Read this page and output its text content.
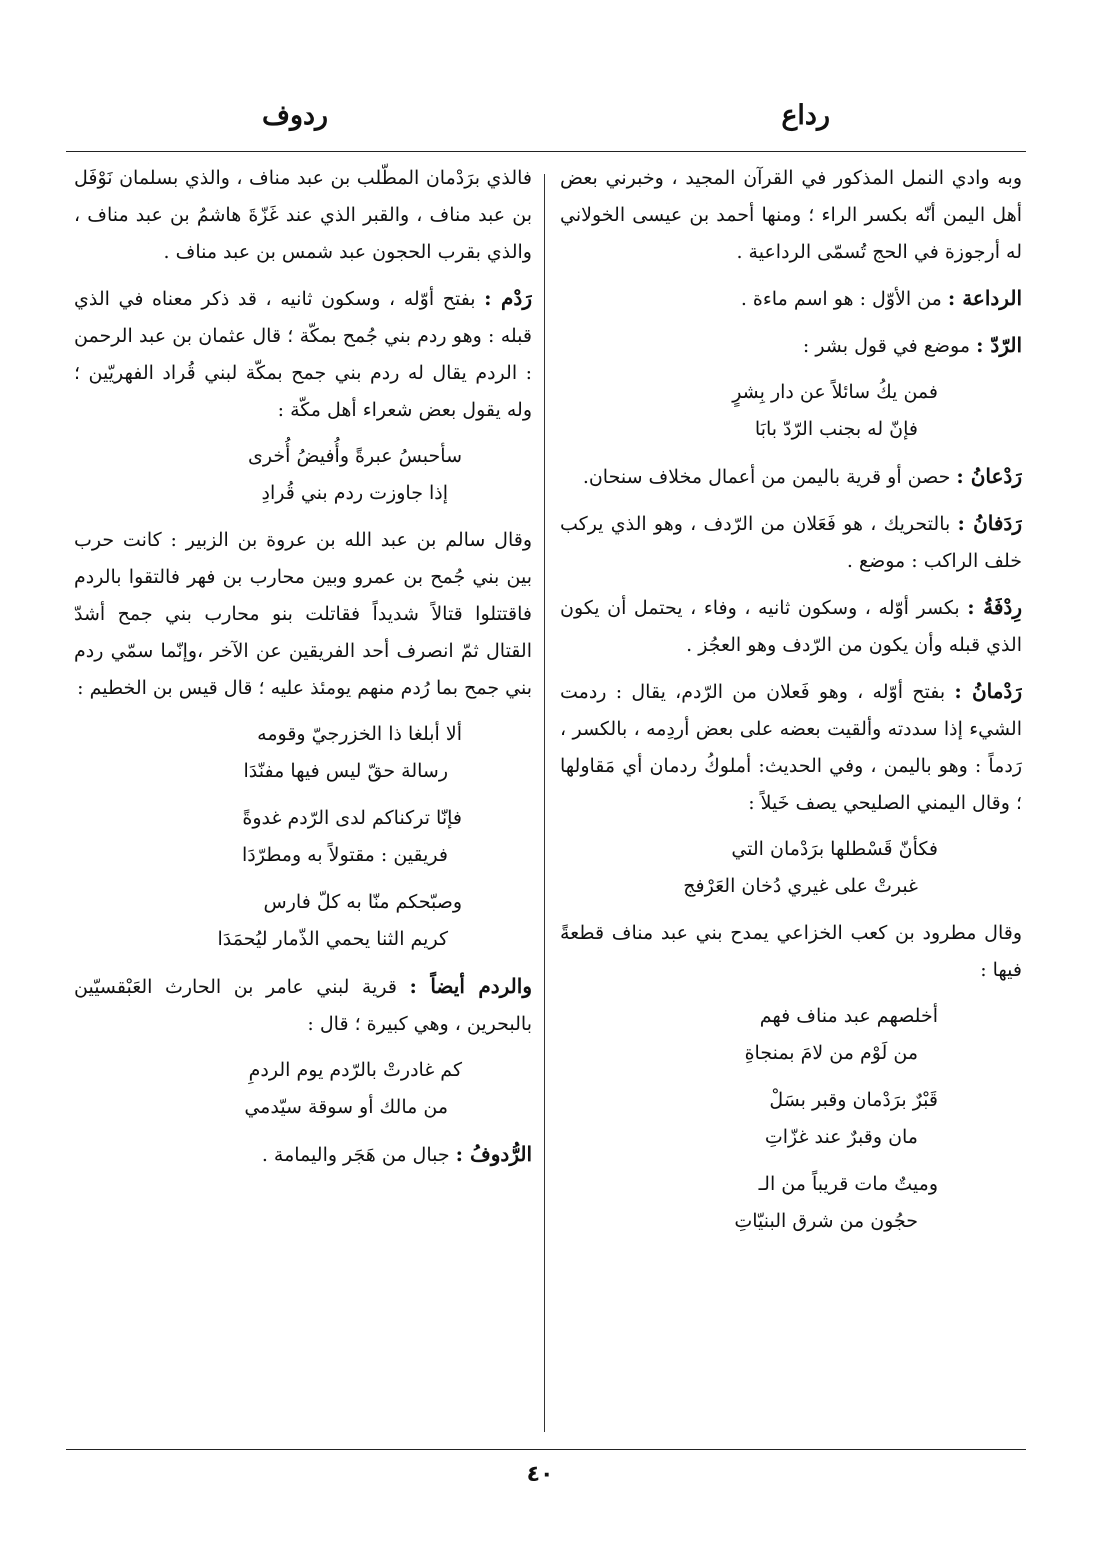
رداع
ردوف

وبه وادي النمل المذكور في القرآن المجيد ، وخبرني بعض أهل اليمن أنّه بكسر الراء ؛ ومنها أحمد بن عيسى الخولاني له أرجوزة في الحج تُسمّى الرداعية .

الرداعة : من الأوّل : هو اسم ماءة .

الرّدّ : موضع في قول بشر :

فمن يكُ سائلاً عن دار بِشرٍ
فإنّ له بجنب الرّدّ بابَا

رَدْعانُ : حصن أو قرية باليمن من أعمال مخلاف سنحان.

رَدَفانُ : بالتحريك ، هو فَعَلان من الرّدف ، وهو الذي يركب خلف الراكب : موضع .

رِدْفَةُ : بكسر أوّله ، وسكون ثانيه ، وفاء ، يحتمل أن يكون الذي قبله وأن يكون من الرّدف وهو العجُز .

رَدْمانُ : بفتح أوّله ، وهو فَعلان من الرّدم، يقال : ردمت الشيء إذا سددته وألقيت بعضه على بعض أردِمه ، بالكسر ، رَدماً : وهو باليمن ، وفي الحديث: أملوكُ ردمان أي مَقاولها ؛ وقال اليمني الصليحي يصف خَيلاً :

فكأنّ قَسْطلها برَدْمان التي
غبرتْ على غيري دُخان العَرْفج

وقال مطرود بن كعب الخزاعي يمدح بني عبد مناف قطعةً فيها :

أخلصهم عبد مناف فهم
من لَوْم من لامَ بمنجاةِ
قَبْرٌ برَدْمان وقبر بسَلْ
مان وقبرٌ عند غزّاتِ
وميتٌ مات قريباً من الـ
حجُون من شرق البنيّاتِ

فالذي برَدْمان المطّلب بن عبد مناف ، والذي بسلمان نَوْفَل بن عبد مناف ، والقبر الذي عند غَزّةَ هاشمُ بن عبد مناف ، والذي بقرب الحجون عبد شمس بن عبد مناف .

رَدْم : بفتح أوّله ، وسكون ثانيه ، قد ذكر معناه في الذي قبله : وهو ردم بني جُمح بمكّة ؛ قال عثمان بن عبد الرحمن : الردم يقال له ردم بني جمح بمكّة لبني قُراد الفهريّين ؛ وله يقول بعض شعراء أهل مكّة :

سأحبسُ عبرةً وأُفيضُ أُخرى
إذا جاوزت ردم بني قُرادِ

وقال سالم بن عبد الله بن عروة بن الزبير : كانت حرب بين بني جُمح بن عمرو وبين محارب بن فهر فالتقوا بالردم فاقتتلوا قتالاً شديداً فقاتلت بنو محارب بني جمح أشدّ القتال ثمّ انصرف أحد الفريقين عن الآخر ،وإنّما سمّي ردم بني جمح بما رُدم منهم يومئذ عليه ؛ قال قيس بن الخطيم :

ألا أبلغا ذا الخزرجيّ وقومه
رسالة حقّ ليس فيها مفنّدَا
فإنّا تركناكم لدى الرّدم غدوةً
فريقين : مقتولاً به ومطرّدَا
وصبّحكم منّا به كلّ فارس
كريم الثنا يحمي الذّمار ليُحمَدَا

والردم أيضاً : قرية لبني عامر بن الحارث العَبْقسيّين بالبحرين ، وهي كبيرة ؛ قال :

كم غادرتْ بالرّدم يوم الردمِ
من مالك أو سوقة سيّدمي

الرُّدوفُ : جبال من هَجَر واليمامة .

٤٠
